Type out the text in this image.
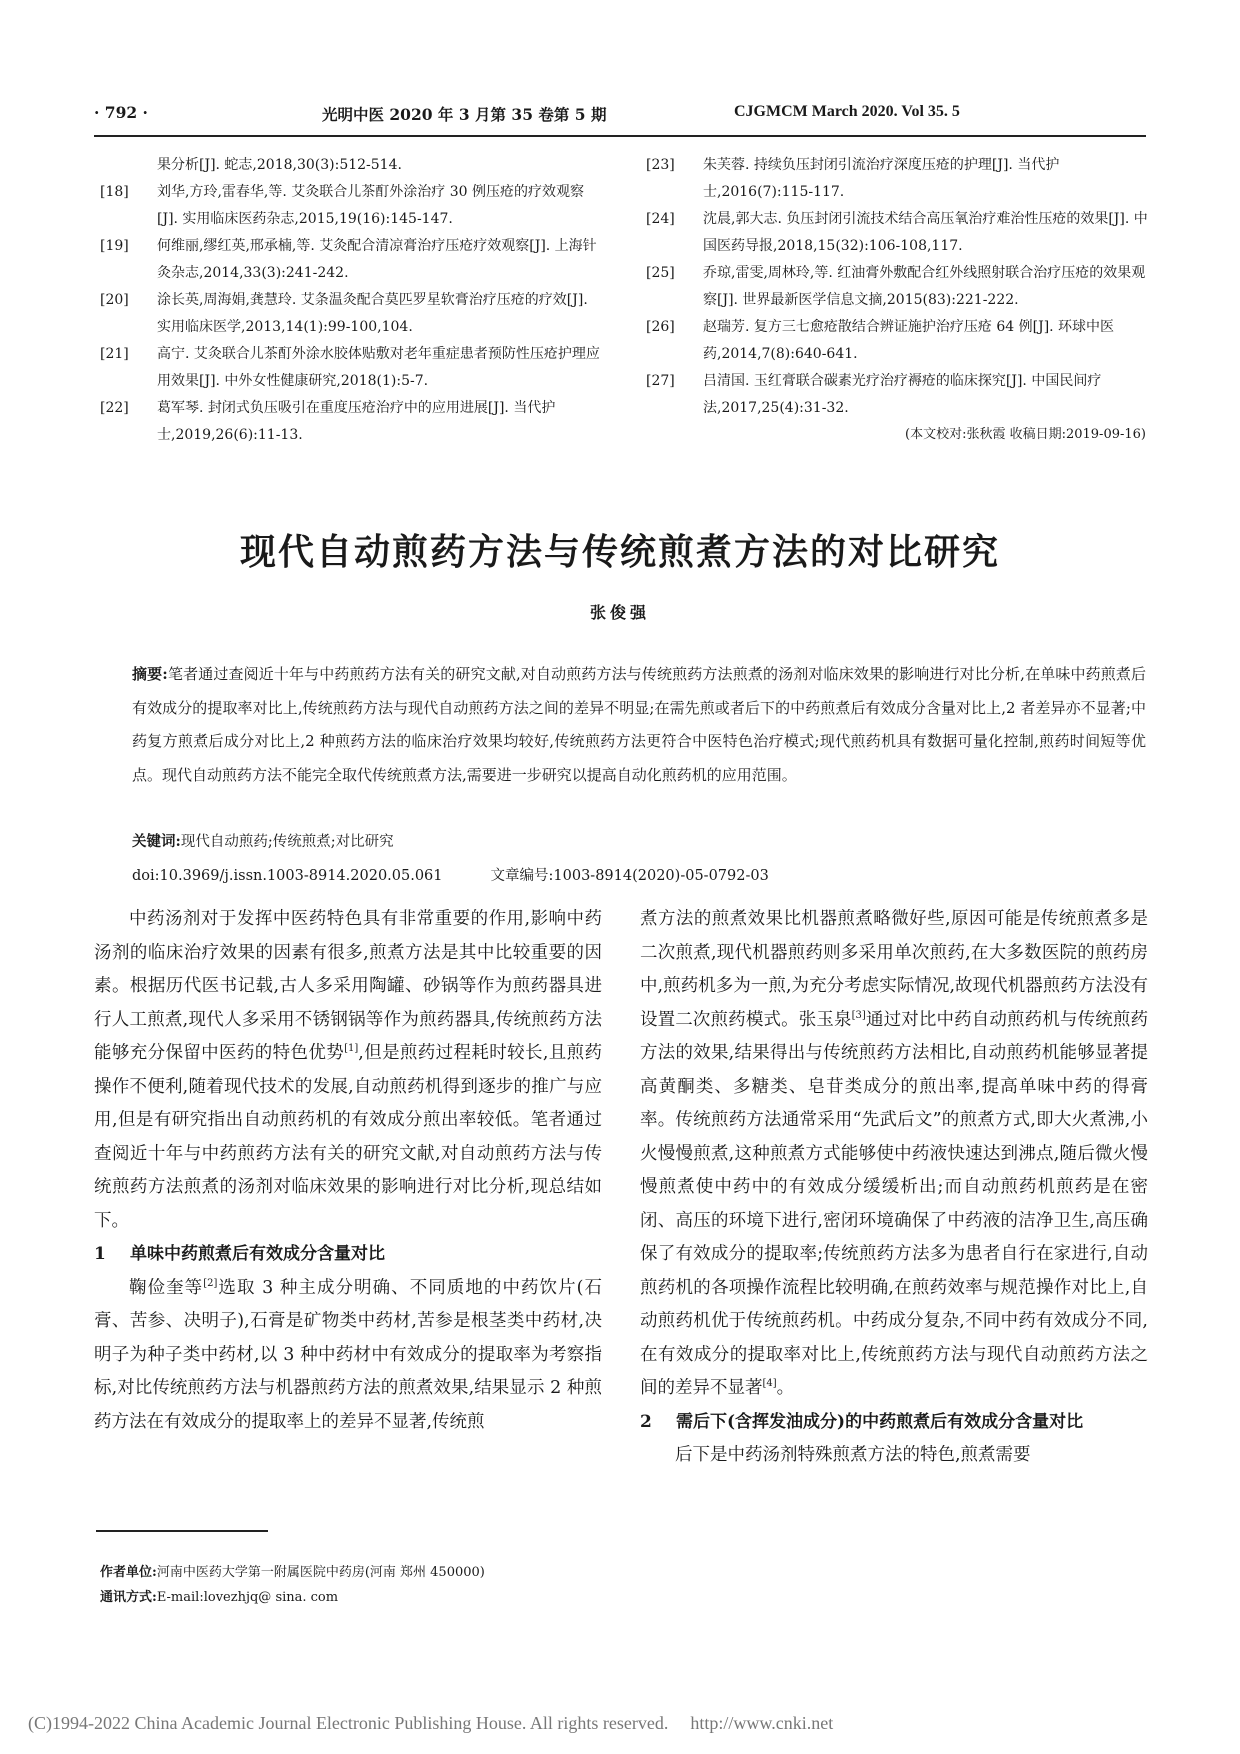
· 792 ·	光明中医 2020 年 3 月第 35 卷第 5 期	CJGMCM March 2020. Vol 35. 5
果分析[J]. 蛇志,2018,30(3):512-514.
[18] 刘华,方玲,雷春华,等. 艾灸联合儿茶酊外涂治疗 30 例压疮的疗效观察[J]. 实用临床医药杂志,2015,19(16):145-147.
[19] 何维丽,缪红英,邢承楠,等. 艾灸配合清凉膏治疗压疮疗效观察[J]. 上海针灸杂志,2014,33(3):241-242.
[20] 涂长英,周海娟,龚慧玲. 艾条温灸配合莫匹罗星软膏治疗压疮的疗效[J]. 实用临床医学,2013,14(1):99-100,104.
[21] 高宁. 艾灸联合儿茶酊外涂水胶体贴敷对老年重症患者预防性压疮护理应用效果[J]. 中外女性健康研究,2018(1):5-7.
[22] 葛军琴. 封闭式负压吸引在重度压疮治疗中的应用进展[J]. 当代护士,2019,26(6):11-13.
[23] 朱芙蓉. 持续负压封闭引流治疗深度压疮的护理[J]. 当代护士,2016(7):115-117.
[24] 沈晨,郭大志. 负压封闭引流技术结合高压氧治疗难治性压疮的效果[J]. 中国医药导报,2018,15(32):106-108,117.
[25] 乔琼,雷雯,周林玲,等. 红油膏外敷配合红外线照射联合治疗压疮的效果观察[J]. 世界最新医学信息文摘,2015(83):221-222.
[26] 赵瑞芳. 复方三七愈疮散结合辨证施护治疗压疮 64 例[J]. 环球中医药,2014,7(8):640-641.
[27] 吕清国. 玉红膏联合碳素光疗治疗褥疮的临床探究[J]. 中国民间疗法,2017,25(4):31-32.
(本文校对:张秋霞 收稿日期:2019-09-16)
现代自动煎药方法与传统煎煮方法的对比研究
张俊强
摘要:笔者通过查阅近十年与中药煎药方法有关的研究文献,对自动煎药方法与传统煎药方法煎煮的汤剂对临床效果的影响进行对比分析,在单味中药煎煮后有效成分的提取率对比上,传统煎药方法与现代自动煎药方法之间的差异不明显;在需先煎或者后下的中药煎煮后有效成分含量对比上,2 者差异亦不显著;中药复方煎煮后成分对比上,2 种煎药方法的临床治疗效果均较好,传统煎药方法更符合中医特色治疗模式;现代煎药机具有数据可量化控制,煎药时间短等优点。现代自动煎药方法不能完全取代传统煎煮方法,需要进一步研究以提高自动化煎药机的应用范围。
关键词:现代自动煎药;传统煎煮;对比研究
doi:10.3969/j.issn.1003-8914.2020.05.061	文章编号:1003-8914(2020)-05-0792-03

中药汤剂对于发挥中医药特色具有非常重要的作用,影响中药汤剂的临床治疗效果的因素有很多,煎煮方法是其中比较重要的因素。根据历代医书记载,古人多采用陶罐、砂锅等作为煎药器具进行人工煎煮,现代人多采用不锈钢锅等作为煎药器具,传统煎药方法能够充分保留中医药的特色优势[1],但是煎药过程耗时较长,且煎药操作不便利,随着现代技术的发展,自动煎药机得到逐步的推广与应用,但是有研究指出自动煎药机的有效成分煎出率较低。笔者通过查阅近十年与中药煎药方法有关的研究文献,对自动煎药方法与传统煎药方法煎煮的汤剂对临床效果的影响进行对比分析,现总结如下。

1 单味中药煎煮后有效成分含量对比

鞠俭奎等[2]选取 3 种主成分明确、不同质地的中药饮片(石膏、苦参、决明子),石膏是矿物类中药材,苦参是根茎类中药材,决明子为种子类中药材,以 3 种中药材中有效成分的提取率为考察指标,对比传统煎药方法与机器煎药方法的煎煮效果,结果显示 2 种煎药方法在有效成分的提取率上的差异不显著,传统煎

煮方法的煎煮效果比机器煎煮略微好些,原因可能是传统煎煮多是二次煎煮,现代机器煎药则多采用单次煎药,在大多数医院的煎药房中,煎药机多为一煎,为充分考虑实际情况,故现代机器煎药方法没有设置二次煎药模式。张玉泉[3]通过对比中药自动煎药机与传统煎药方法的效果,结果得出与传统煎药方法相比,自动煎药机能够显著提高黄酮类、多糖类、皂苷类成分的煎出率,提高单味中药的得膏率。传统煎药方法通常采用“先武后文”的煎煮方式,即大火煮沸,小火慢慢煎煮,这种煎煮方式能够使中药液快速达到沸点,随后微火慢慢煎煮使中药中的有效成分缓缓析出;而自动煎药机煎药是在密闭、高压的环境下进行,密闭环境确保了中药液的洁净卫生,高压确保了有效成分的提取率;传统煎药方法多为患者自行在家进行,自动煎药机的各项操作流程比较明确,在煎药效率与规范操作对比上,自动煎药机优于传统煎药机。中药成分复杂,不同中药有效成分不同,在有效成分的提取率对比上,传统煎药方法与现代自动煎药方法之间的差异不显著[4]。

2 需后下(含挥发油成分)的中药煎煮后有效成分含量对比

后下是中药汤剂特殊煎煮方法的特色,煎煮需要

作者单位:河南中医药大学第一附属医院中药房(河南 郑州 450000)
通讯方式:E-mail:lovezhjq@ sina. com
(C)1994-2022 China Academic Journal Electronic Publishing House. All rights reserved. http://www.cnki.net
